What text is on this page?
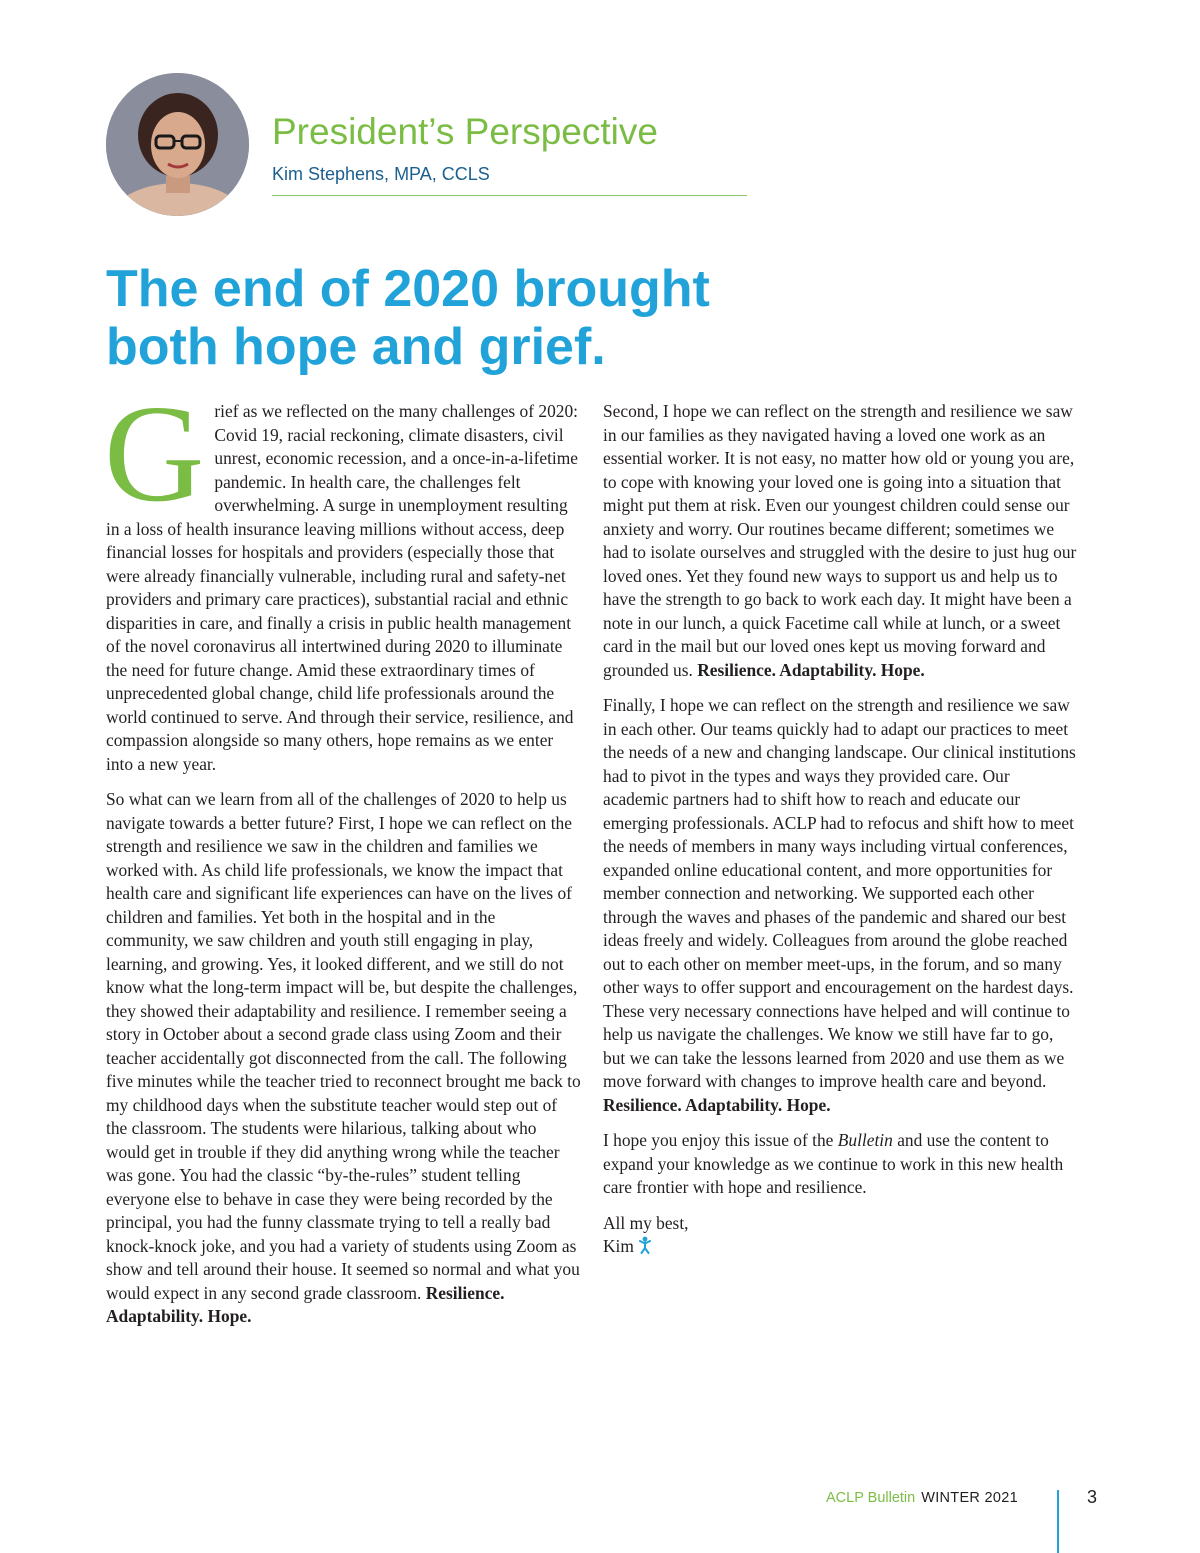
President’s Perspective
Kim Stephens, MPA, CCLS
The end of 2020 brought
both hope and grief.

Grief as we reflected on the many challenges of 2020: Covid 19, racial reckoning, climate disasters, civil unrest, economic recession, and a once-in-a-lifetime pandemic. In health care, the challenges felt overwhelming. A surge in unemployment resulting in a loss of health insurance leaving millions without access, deep financial losses for hospitals and providers (especially those that were already financially vulnerable, including rural and safety-net providers and primary care practices), substantial racial and ethnic disparities in care, and finally a crisis in public health management of the novel coronavirus all intertwined during 2020 to illuminate the need for future change. Amid these extraordinary times of unprecedented global change, child life professionals around the world continued to serve. And through their service, resilience, and compassion alongside so many others, hope remains as we enter into a new year.

So what can we learn from all of the challenges of 2020 to help us navigate towards a better future? First, I hope we can reflect on the strength and resilience we saw in the children and families we worked with. As child life professionals, we know the impact that health care and significant life experiences can have on the lives of children and families. Yet both in the hospital and in the community, we saw children and youth still engaging in play, learning, and growing. Yes, it looked different, and we still do not know what the long-term impact will be, but despite the challenges, they showed their adaptability and resilience. I remember seeing a story in October about a second grade class using Zoom and their teacher accidentally got disconnected from the call. The following five minutes while the teacher tried to reconnect brought me back to my childhood days when the substitute teacher would step out of the classroom. The students were hilarious, talking about who would get in trouble if they did anything wrong while the teacher was gone. You had the classic “by-the-rules” student telling everyone else to behave in case they were being recorded by the principal, you had the funny classmate trying to tell a really bad knock-knock joke, and you had a variety of students using Zoom as show and tell around their house. It seemed so normal and what you would expect in any second grade classroom. Resilience. Adaptability. Hope.

Second, I hope we can reflect on the strength and resilience we saw in our families as they navigated having a loved one work as an essential worker. It is not easy, no matter how old or young you are, to cope with knowing your loved one is going into a situation that might put them at risk. Even our youngest children could sense our anxiety and worry. Our routines became different; sometimes we had to isolate ourselves and struggled with the desire to just hug our loved ones. Yet they found new ways to support us and help us to have the strength to go back to work each day. It might have been a note in our lunch, a quick Facetime call while at lunch, or a sweet card in the mail but our loved ones kept us moving forward and grounded us. Resilience. Adaptability. Hope.

Finally, I hope we can reflect on the strength and resilience we saw in each other. Our teams quickly had to adapt our practices to meet the needs of a new and changing landscape. Our clinical institutions had to pivot in the types and ways they provided care. Our academic partners had to shift how to reach and educate our emerging professionals. ACLP had to refocus and shift how to meet the needs of members in many ways including virtual conferences, expanded online educational content, and more opportunities for member connection and networking. We supported each other through the waves and phases of the pandemic and shared our best ideas freely and widely. Colleagues from around the globe reached out to each other on member meet-ups, in the forum, and so many other ways to offer support and encouragement on the hardest days. These very necessary connections have helped and will continue to help us navigate the challenges. We know we still have far to go, but we can take the lessons learned from 2020 and use them as we move forward with changes to improve health care and beyond. Resilience. Adaptability. Hope.

I hope you enjoy this issue of the Bulletin and use the content to expand your knowledge as we continue to work in this new health care frontier with hope and resilience.

All my best,
Kim

ACLP Bulletin WINTER 2021	3
